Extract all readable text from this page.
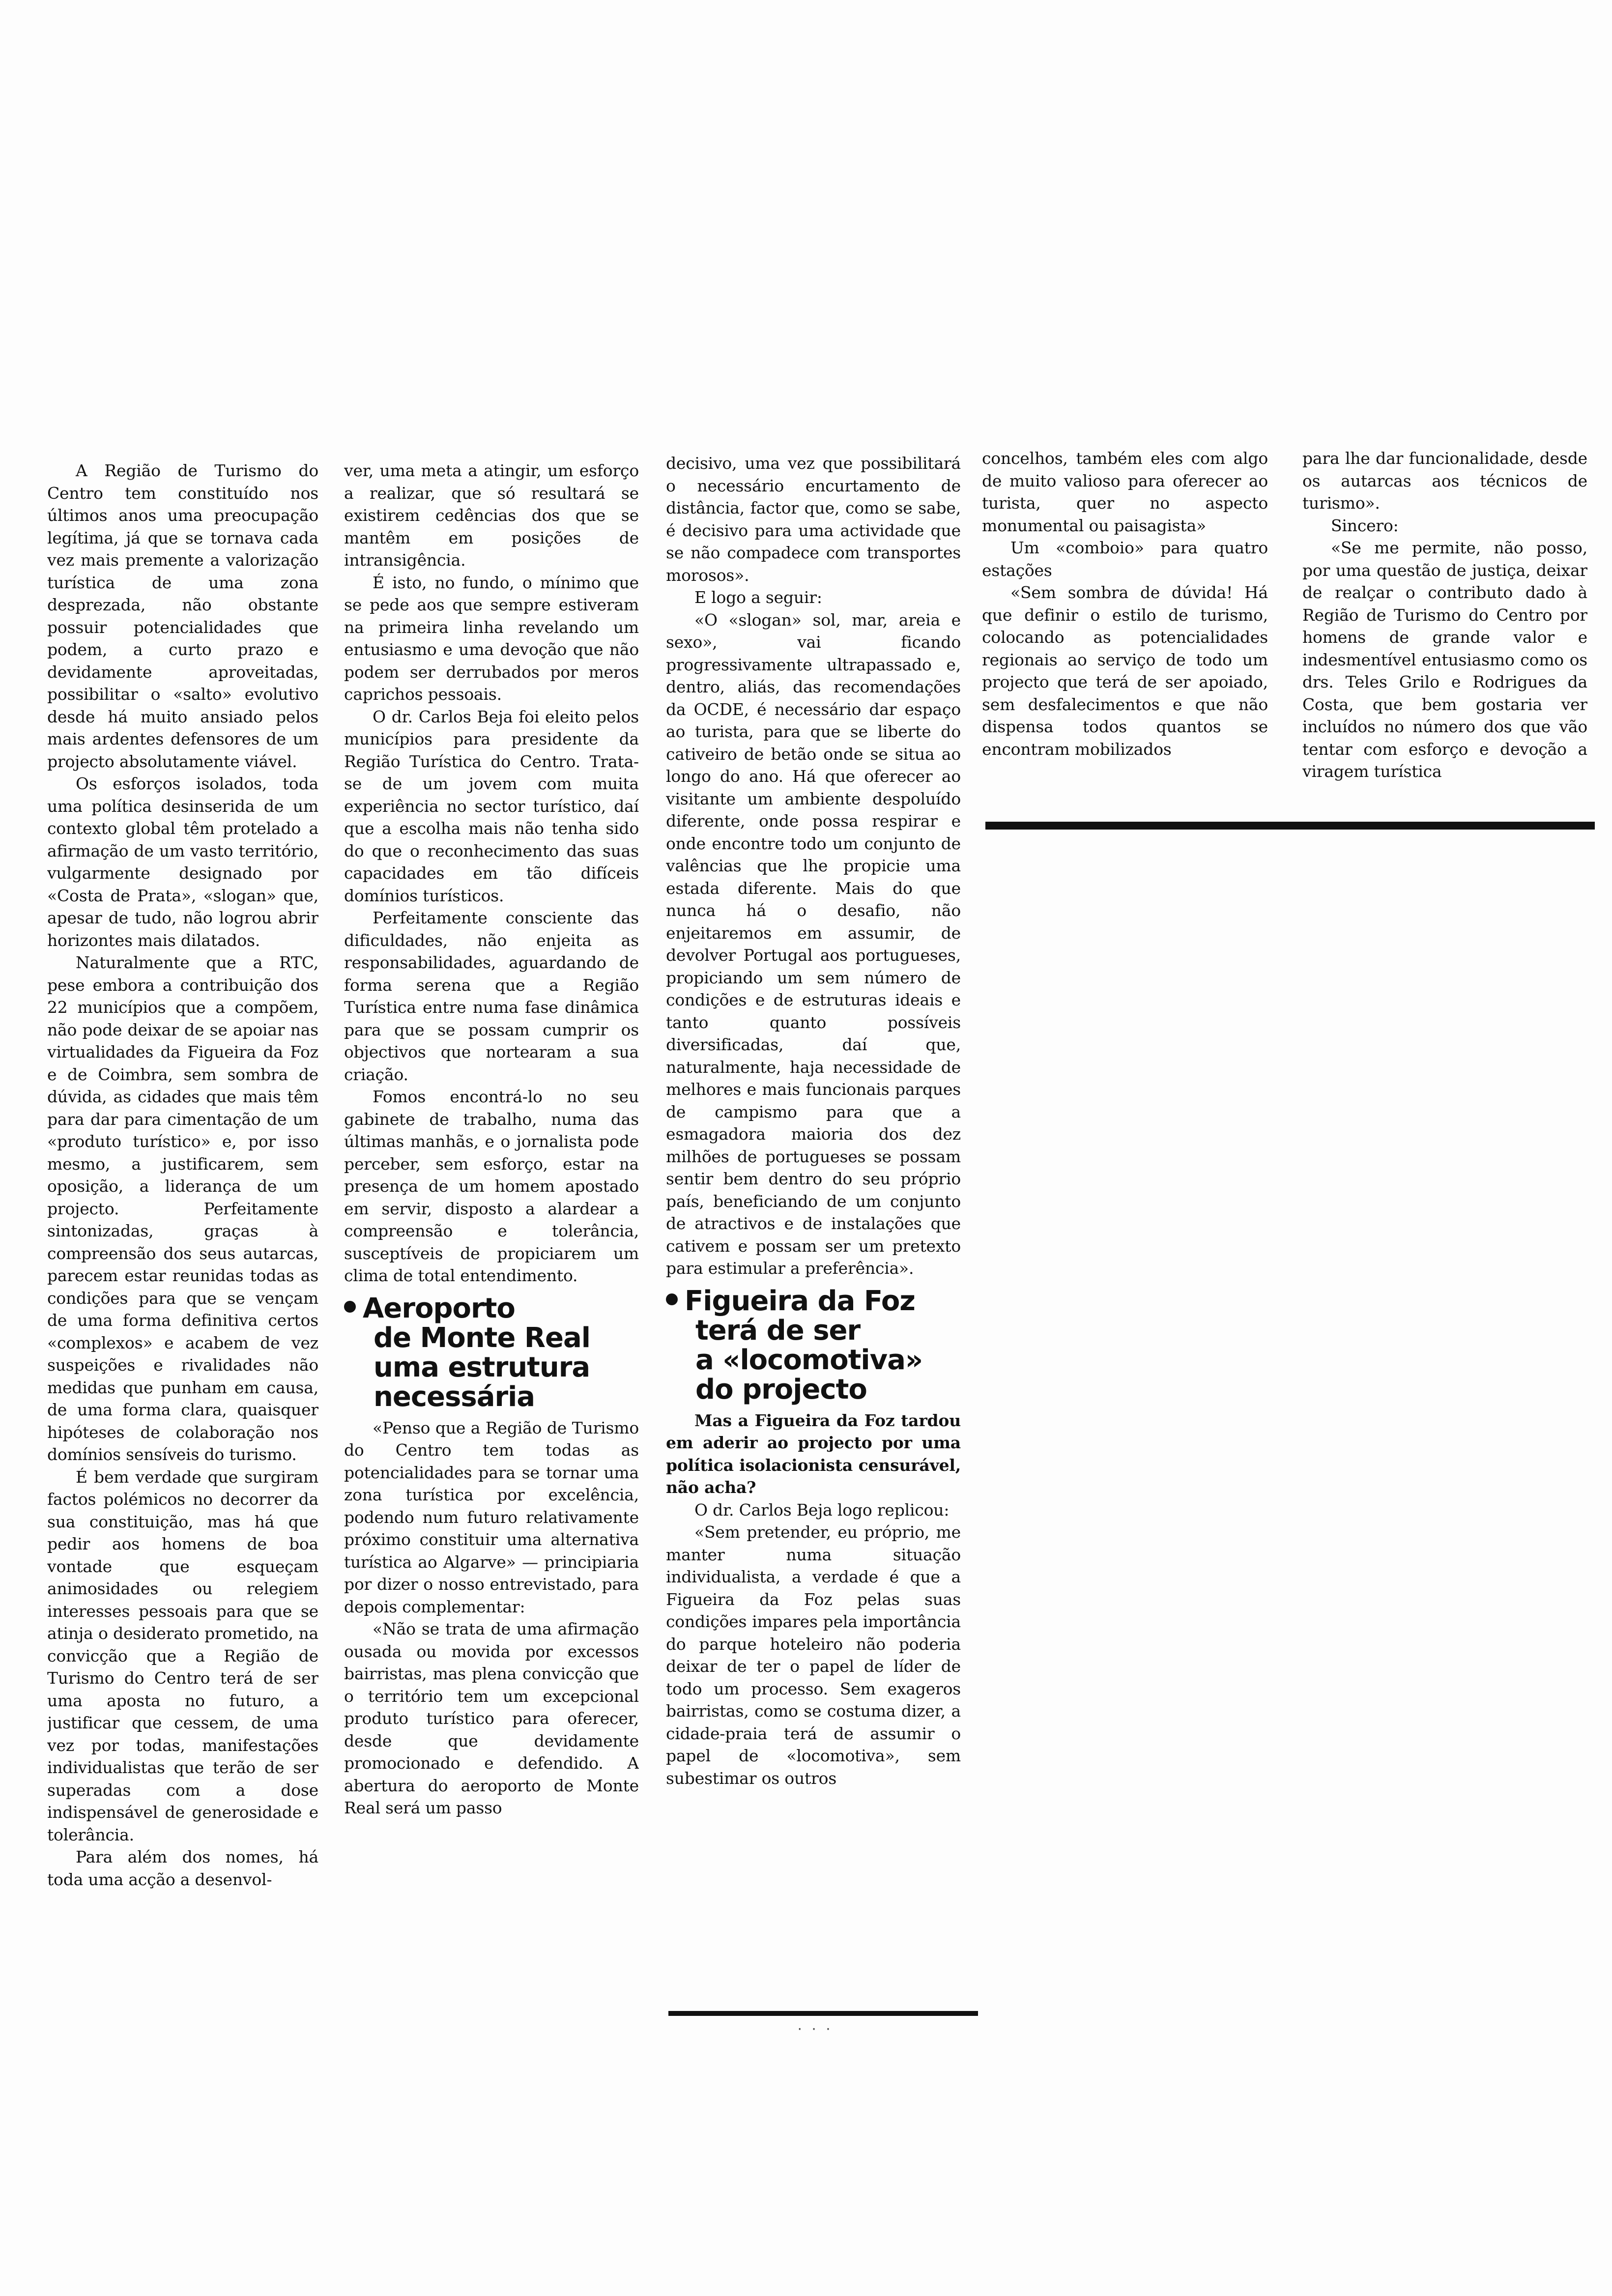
A Região de Turismo do Centro tem constituído nos últimos anos uma preocupação legítima, já que se tornava cada vez mais premente a valorização turística de uma zona desprezada, não obstante possuir potencialidades que podem, a curto prazo e devidamente aproveitadas, possibilitar o «salto» evolutivo desde há muito ansiado pelos mais ardentes defensores de um projecto absolutamente viável.

Os esforços isolados, toda uma política desinserida de um contexto global têm protelado a afirmação de um vasto território, vulgarmente designado por «Costa de Prata», «slogan» que, apesar de tudo, não logrou abrir horizontes mais dilatados.

Naturalmente que a RTC, pese embora a contribuição dos 22 municípios que a compõem, não pode deixar de se apoiar nas virtualidades da Figueira da Foz e de Coimbra, sem sombra de dúvida, as cidades que mais têm para dar para cimentação de um «produto turístico» e, por isso mesmo, a justificarem, sem oposição, a liderança de um projecto. Perfeitamente sintonizadas, graças à compreensão dos seus autarcas, parecem estar reunidas todas as condições para que se vençam de uma forma definitiva certos «complexos» e acabem de vez suspeições e rivalidades não medidas que punham em causa, de uma forma clara, quaisquer hipóteses de colaboração nos domínios sensíveis do turismo.

É bem verdade que surgiram factos polémicos no decorrer da sua constituição, mas há que pedir aos homens de boa vontade que esqueçam animosidades ou relegiem interesses pessoais para que se atinja o desiderato prometido, na convicção que a Região de Turismo do Centro terá de ser uma aposta no futuro, a justificar que cessem, de uma vez por todas, manifestações individualistas que terão de ser superadas com a dose indispensável de generosidade e tolerância.

Para além dos nomes, há toda uma acção a desenvol-

ver, uma meta a atingir, um esforço a realizar, que só resultará se existirem cedências dos que se mantêm em posições de intransigência.

É isto, no fundo, o mínimo que se pede aos que sempre estiveram na primeira linha revelando um entusiasmo e uma devoção que não podem ser derrubados por meros caprichos pessoais.

O dr. Carlos Beja foi eleito pelos municípios para presidente da Região Turística do Centro. Trata-se de um jovem com muita experiência no sector turístico, daí que a escolha mais não tenha sido do que o reconhecimento das suas capacidades em tão difíceis domínios turísticos.

Perfeitamente consciente das dificuldades, não enjeita as responsabilidades, aguardando de forma serena que a Região Turística entre numa fase dinâmica para que se possam cumprir os objectivos que nortearam a sua criação.

Fomos encontrá-lo no seu gabinete de trabalho, numa das últimas manhãs, e o jornalista pode perceber, sem esforço, estar na presença de um homem apostado em servir, disposto a alardear a compreensão e tolerância, susceptíveis de propiciarem um clima de total entendimento.

Aeroporto
de Monte Real
uma estrutura
necessária

«Penso que a Região de Turismo do Centro tem todas as potencialidades para se tornar uma zona turística por excelência, podendo num futuro relativamente próximo constituir uma alternativa turística ao Algarve» — principiaria por dizer o nosso entrevistado, para depois complementar:

«Não se trata de uma afirmação ousada ou movida por excessos bairristas, mas plena convicção que o território tem um excepcional produto turístico para oferecer, desde que devidamente promocionado e defendido. A abertura do aeroporto de Monte Real será um passo

decisivo, uma vez que possibilitará o necessário encurtamento de distância, factor que, como se sabe, é decisivo para uma actividade que se não compadece com transportes morosos».

E logo a seguir:

«O «slogan» sol, mar, areia e sexo», vai ficando progressivamente ultrapassado e, dentro, aliás, das recomendações da OCDE, é necessário dar espaço ao turista, para que se liberte do cativeiro de betão onde se situa ao longo do ano. Há que oferecer ao visitante um ambiente despoluído diferente, onde possa respirar e onde encontre todo um conjunto de valências que lhe propicie uma estada diferente. Mais do que nunca há o desafio, não enjeitaremos em assumir, de devolver Portugal aos portugueses, propiciando um sem número de condições e de estruturas ideais e tanto quanto possíveis diversificadas, daí que, naturalmente, haja necessidade de melhores e mais funcionais parques de campismo para que a esmagadora maioria dos dez milhões de portugueses se possam sentir bem dentro do seu próprio país, beneficiando de um conjunto de atractivos e de instalações que cativem e possam ser um pretexto para estimular a preferência».

Figueira da Foz
terá de ser
a «locomotiva»
do projecto

Mas a Figueira da Foz tardou em aderir ao projecto por uma política isolacionista censurável, não acha?

O dr. Carlos Beja logo replicou:

«Sem pretender, eu próprio, me manter numa situação individualista, a verdade é que a Figueira da Foz pelas suas condições impares pela importância do parque hoteleiro não poderia deixar de ter o papel de líder de todo um processo. Sem exageros bairristas, como se costuma dizer, a cidade-praia terá de assumir o papel de «locomotiva», sem subestimar os outros

concelhos, também eles com algo de muito valioso para oferecer ao turista, quer no aspecto monumental ou paisagista»

Um «comboio» para quatro estações

«Sem sombra de dúvida! Há que definir o estilo de turismo, colocando as potencialidades regionais ao serviço de todo um projecto que terá de ser apoiado, sem desfalecimentos e que não dispensa todos quantos se encontram mobilizados

para lhe dar funcionalidade, desde os autarcas aos técnicos de turismo».

Sincero:

«Se me permite, não posso, por uma questão de justiça, deixar de realçar o contributo dado à Região de Turismo do Centro por homens de grande valor e indesmentível entusiasmo como os drs. Teles Grilo e Rodrigues da Costa, que bem gostaria ver incluídos no número dos que vão tentar com esforço e devoção a viragem turística

· · ·
